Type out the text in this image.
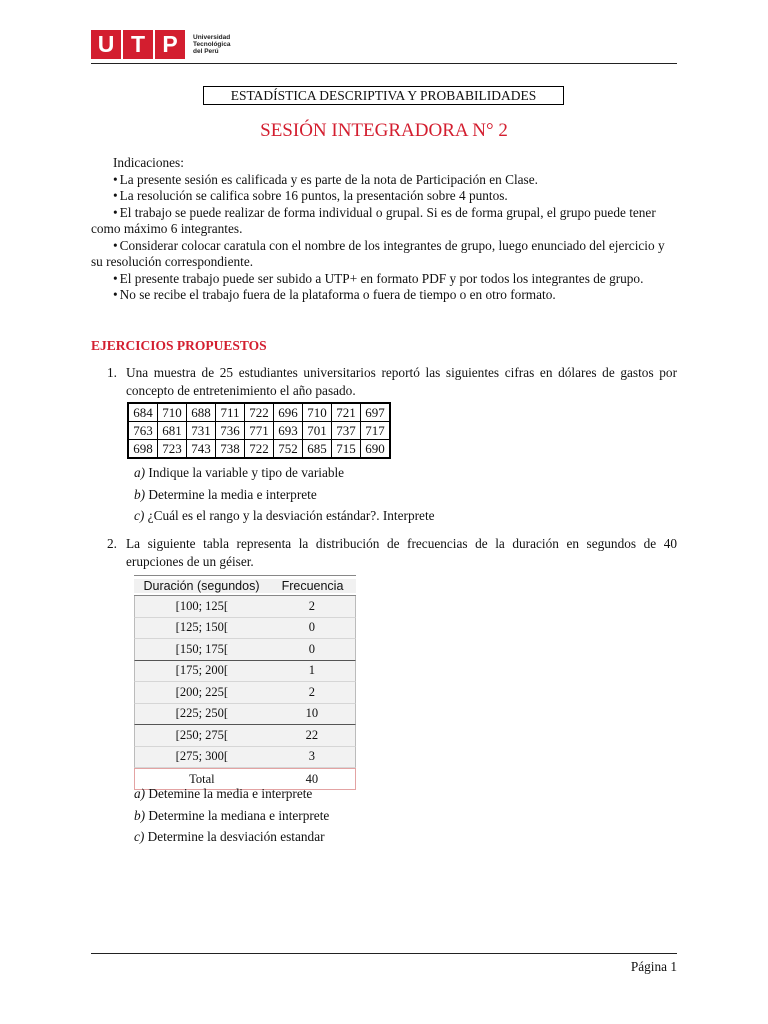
U T P	Universidad
Tecnológica
del Perú
ESTADÍSTICA DESCRIPTIVA Y PROBABILIDADES
SESIÓN INTEGRADORA N° 2

Indicaciones:

• La presente sesión es calificada y es parte de la nota de Participación en Clase.

• La resolución se califica sobre 16 puntos, la presentación sobre 4 puntos.

• El trabajo se puede realizar de forma individual o grupal. Si es de forma grupal, el grupo puede tener como máximo 6 integrantes.

• Considerar colocar caratula con el nombre de los integrantes de grupo, luego enunciado del ejercicio y su resolución correspondiente.

• El presente trabajo puede ser subido a UTP+ en formato PDF y por todos los integrantes de grupo.

• No se recibe el trabajo fuera de la plataforma o fuera de tiempo o en otro formato.

EJERCICIOS PROPUESTOS
1. Una muestra de 25 estudiantes universitarios reportó las siguientes cifras en dólares de gastos por concepto de entretenimiento el año pasado.
684	710	688	711	722	696	710	721	697
763	681	731	736	771	693	701	737	717
698	723	743	738	722	752	685	715	690
a) Indique la variable y tipo de variable
b) Determine la media e interprete
c) ¿Cuál es el rango y la desviación estándar?. Interprete
2. La siguiente tabla representa la distribución de frecuencias de la duración en segundos de 40 erupciones de un géiser.
Duración (segundos)	Frecuencia
[100; 125[	2
[125; 150[	0
[150; 175[	0
[175; 200[	1
[200; 225[	2
[225; 250[	10
[250; 275[	22
[275; 300[	3
Total	40
a) Detemine la media e interprete
b) Determine la mediana e interprete
c) Determine la desviación estandar
Página 1
